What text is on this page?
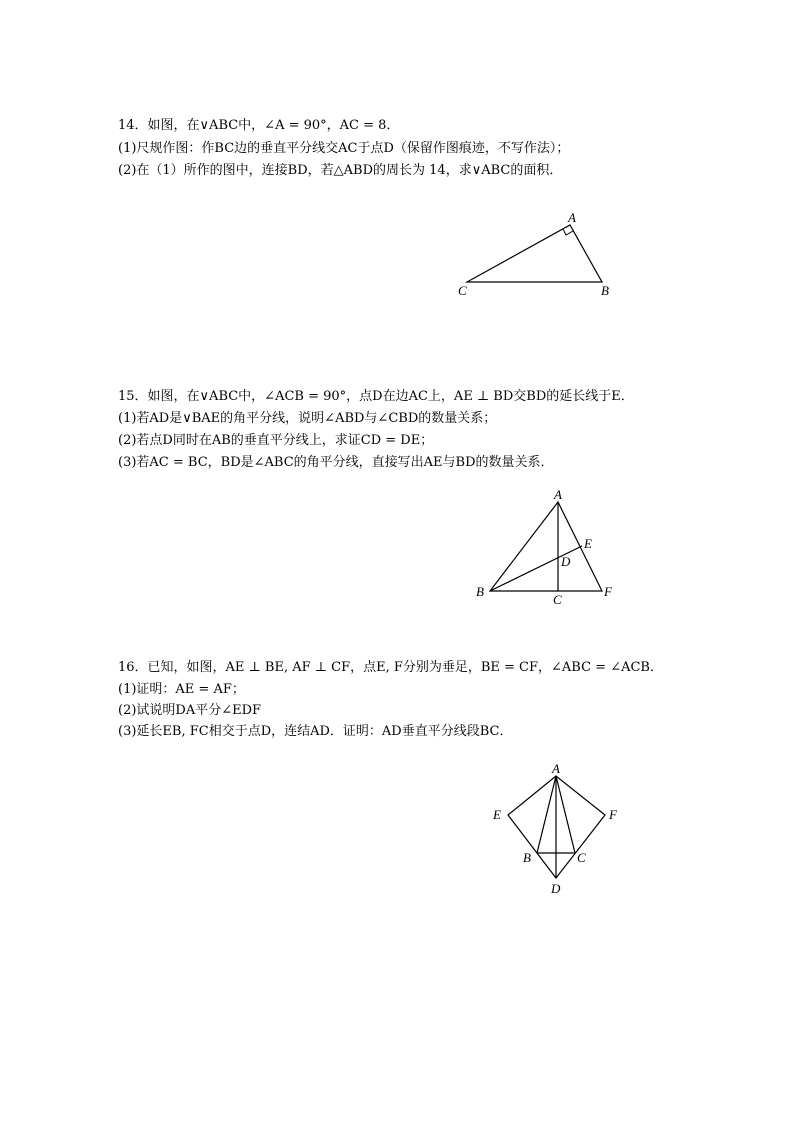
14．如图，在∨ABC中，∠A = 90°，AC = 8．
(1)尺规作图：作BC边的垂直平分线交AC于点D（保留作图痕迹，不写作法）；
(2)在（1）所作的图中，连接BD，若△ABD的周长为 14，求∨ABC的面积．
A
C	B
15．如图，在∨ABC中，∠ACB = 90°，点D在边AC上，AE ⊥ BD交BD的延长线于E．
(1)若AD是∨BAE的角平分线，说明∠ABD与∠CBD的数量关系；
(2)若点D同时在AB的垂直平分线上，求证CD = DE；
(3)若AC = BC，BD是∠ABC的角平分线，直接写出AE与BD的数量关系．
A
E
D
B
C
F
16．已知，如图，AE ⊥ BE, AF ⊥ CF，点E, F分别为垂足，BE = CF，∠ABC = ∠ACB．
(1)证明：AE = AF；
(2)试说明DA平分∠EDF
(3)延长EB, FC相交于点D，连结AD．证明：AD垂直平分线段BC．
A
E	F
B	C
D
